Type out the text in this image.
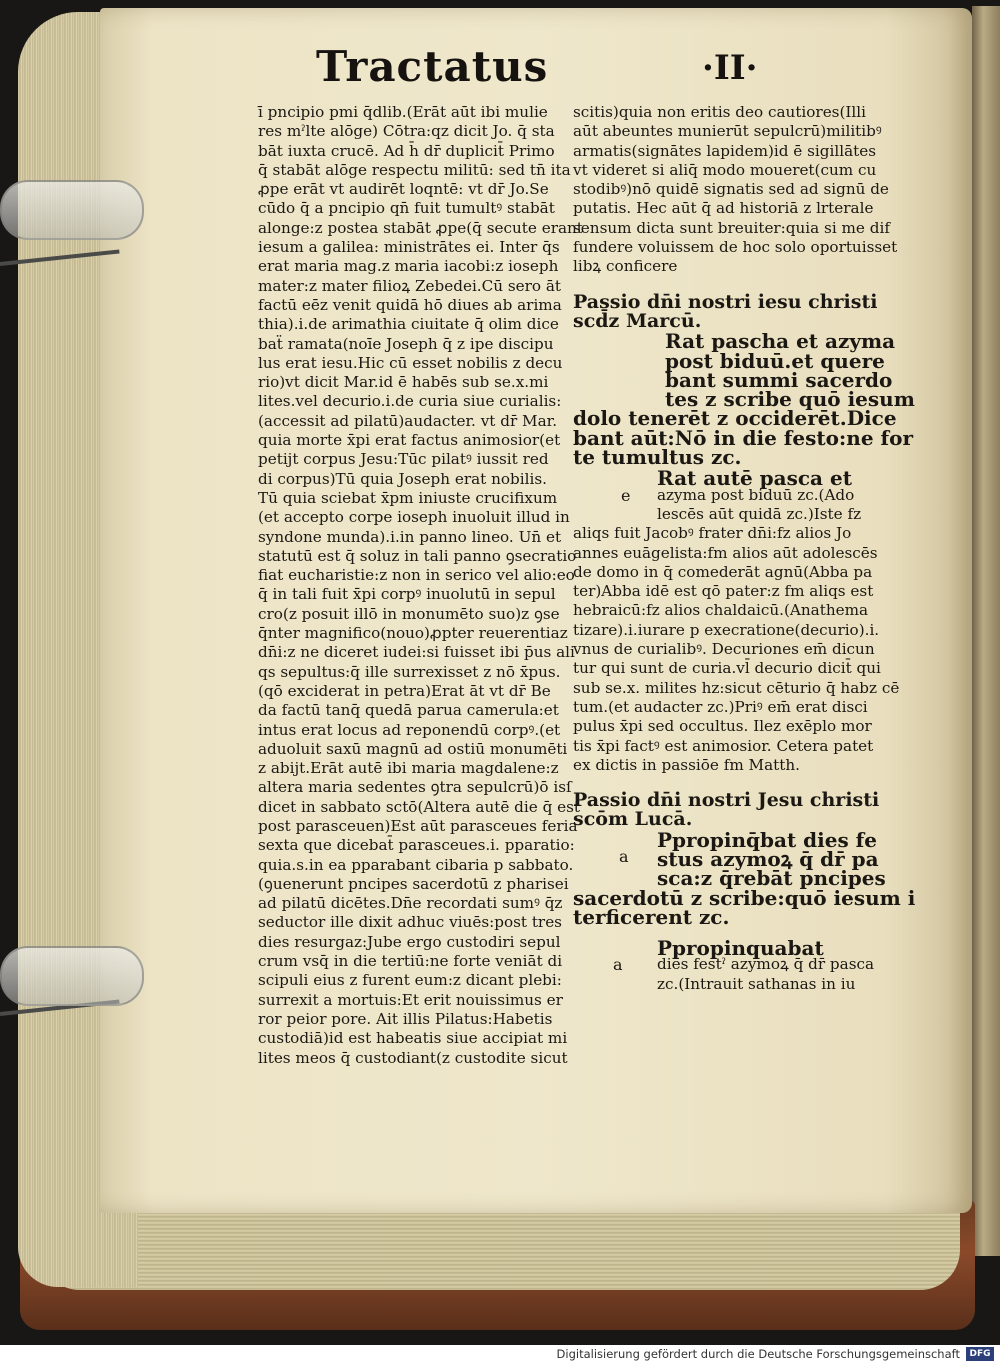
Tractatus	·II·
ī pncipio pmi q̄dlib.(Erāt aūt ibi mulie
res mˀlte alōge) Cōtra:qz dicit Jo. q̄ sta
bāt iuxta crucē. Ad h̄ dr̄ duplicit̄ Primo
q̄ stabāt alōge respectu militū: sed tn̄ ita
ꝓpe erāt vt audirēt loqntē: vt dr̄ Jo.Se
cūdo q̄ a pncipio qn̄ fuit tumultꝰ stabāt
alonge:z postea stabāt ꝓpe(q̄ secute erant
iesum a galilea: ministrātes ei. Inter q̄s
erat maria mag.z maria iacobi:z ioseph
mater:z mater filioꝝ Zebedei.Cū sero āt
factū eēz venit quidā hō diues ab arima
thia).i.de arimathia ciuitate q̄ olim dice
baẗ ramata(noīe Joseph q̄ z ipe discipu
lus erat iesu.Hic cū esset nobilis z decu
rio)vt dicit Mar.id ē habēs sub se.x.mi
lites.vel decurio.i.de curia siue curialis:
(accessit ad pilatū)audacter. vt dr̄ Mar.
quia morte x̄pi erat factus animosior(et
petijt corpus Jesu:Tūc pilatꝰ iussit red
di corpus)Tū quia Joseph erat nobilis.
Tū quia sciebat x̄pm iniuste crucifixum
(et accepto corpe ioseph inuoluit illud in
syndone munda).i.in panno lineo. Un̄ et
statutū est q̄ soluz in tali panno ꝯsecratio
fiat eucharistie:z non in serico vel alio:eo
q̄ in tali fuit x̄pi corpꝰ inuolutū in sepul
cro(z posuit illō in monumēto suo)z ꝯse
q̄nter magnifico(nouo)ꝓpter reuerentiaz
dn̄i:z ne diceret iudei:si fuisset ibi p̄us ali
qs sepultus:q̄ ille surrexisset z nō x̄pus.
(qō exciderat in petra)Erat āt vt dr̄ Be
da factū tanq̄ quedā parua camerula:et
intus erat locus ad reponendū corpꝰ.(et
aduoluit saxū magnū ad ostiū monumēti
z abijt.Erāt autē ibi maria magdalene:z
altera maria sedentes ꝯtra sepulcrū)ō isſ
dicet in sabbato sctō(Altera autē die q̄ est
post parasceuen)Est aūt parasceues feria
sexta que dicebat̄ parasceues.i. pparatio:
quia.s.in ea pparabant cibaria p sabbato.
(ꝯuenerunt pncipes sacerdotū z pharisei
ad pilatū dicētes.Dn̄e recordati sumꝰ q̄z
seductor ille dixit adhuc viuēs:post tres
dies resurgaz:Jube ergo custodiri sepul
crum vsq̄ in die tertiū:ne forte veniāt di
scipuli eius z furent eum:z dicant plebi:
surrexit a mortuis:Et erit nouissimus er
ror peior pore. Ait illis Pilatus:Habetis
custodiā)id est habeatis siue accipiat mi
lites meos q̄ custodiant(z custodite sicut
scitis)quia non eritis deo cautiores(Illi
aūt abeuntes munierūt sepulcrū)militibꝰ
armatis(signātes lapidem)id ē sigillātes
vt videret si aliq̄ modo moueret(cum cu
stodibꝰ)nō quidē signatis sed ad signū de
putatis. Hec aūt q̄ ad historiā z lrterale
sensum dicta sunt breuiter:quia si me dif
fundere voluissem de hoc solo oportuisset
libꝝ conficere
Passio dn̄i nostri iesu christi
scd̄z Marcū.
Rat pascha et azyma
post biduū.et quere
bant summi sacerdo
tes z scribe quō iesum
dolo tenerēt z occiderēt.Dice
bant aūt:Nō in die festo:ne for
te tumultus zc.
Rat autē pasca et
e	azyma post biduū zc.(Ado
lescēs aūt quidā zc.)Iste fz
aliqs fuit Jacobꝰ frater dn̄i:fz alios Jo
annes euāgelista:fm alios aūt adolescēs
de domo in q̄ comederāt agnū(Abba pa
ter)Abba idē est qō pater:z fm aliqs est
hebraicū:fz alios chaldaicū.(Anathema
tizare).i.iurare p execratione(decurio).i.
vnus de curialibꝰ. Decuriones em̄ dicun
tur qui sunt de curia.vl̄ decurio dicit̄ qui
sub se.x. milites hz:sicut cēturio q̄ habz cē
tum.(et audacter zc.)Priꝰ em̄ erat disci
pulus x̄pi sed occultus. Ilez exēplo mor
tis x̄pi factꝰ est animosior. Cetera patet
ex dictis in passiōe fm Matth.
Passio dn̄i nostri Jesu christi
scōm Lucā.
Ppropinq̄bat dies fe
a	stus azymoꝝ q̄ dr̄ pa
sca:z q̄rebāt pncipes
sacerdotū z scribe:quō iesum i
terficerent zc.
Ppropinquabat
a	dies festˀ azymoꝝ q̄ dr̄ pasca
zc.(Intrauit sathanas in iu
Digitalisierung gefördert durch die Deutsche Forschungsgemeinschaft	DFG
